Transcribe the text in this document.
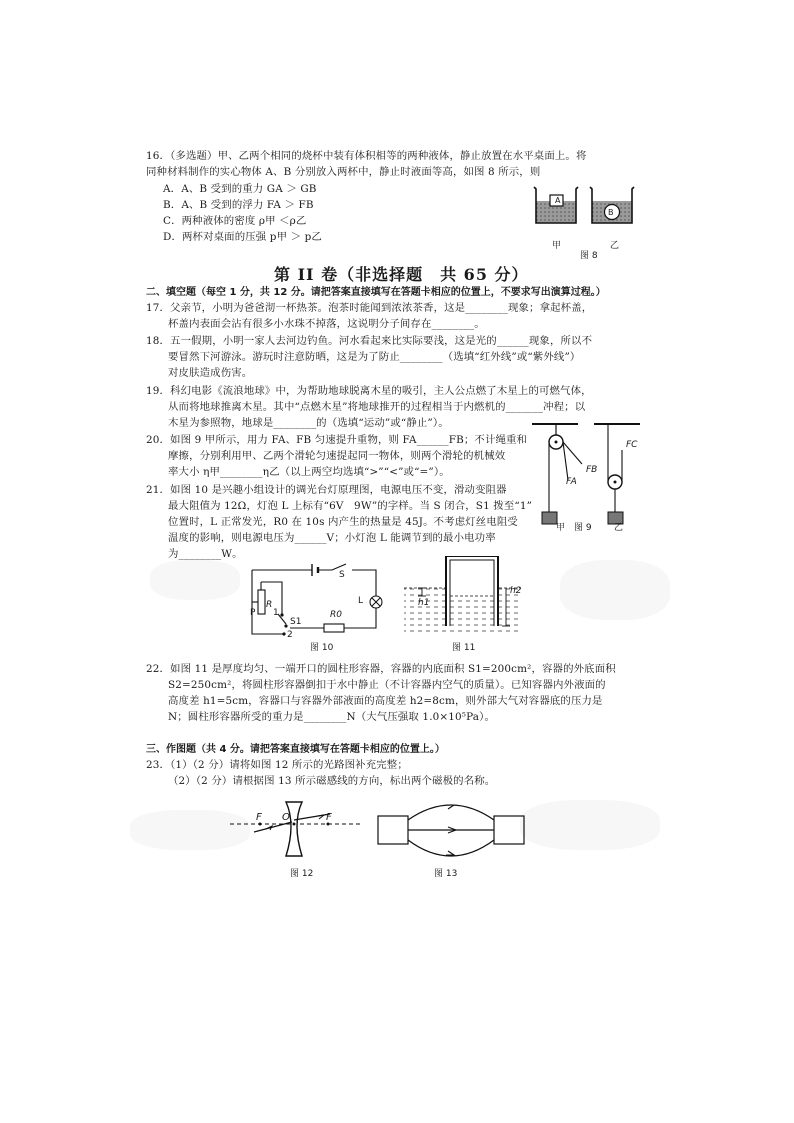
16．（多选题）甲、乙两个相同的烧杯中装有体积相等的两种液体，静止放置在水平桌面上。将
同种材料制作的实心物体 A、B 分别放入两杯中，静止时液面等高，如图 8 所示，则
A．A、B 受到的重力 GA ＞ GB
B．A、B 受到的浮力 FA ＞ FB
C．两种液体的密度 ρ甲 ＜ρ乙
D．两杯对桌面的压强 p甲 ＞ p乙
A
B
甲	乙
图 8
第 II 卷（非选择题　共 65 分）
二、填空题（每空 1 分，共 12 分。请把答案直接填写在答题卡相应的位置上，不要求写出演算过程。）
17．父亲节，小明为爸爸沏一杯热茶。泡茶时能闻到浓浓茶香，这是________现象；拿起杯盖，
杯盖内表面会沾有很多小水珠不掉落，这说明分子间存在________。
18．五一假期，小明一家人去河边钓鱼。河水看起来比实际要浅，这是光的______现象，所以不
要冒然下河游泳。游玩时注意防晒，这是为了防止________（选填“红外线”或“紫外线”）
对皮肤造成伤害。
19．科幻电影《流浪地球》中，为帮助地球脱离木星的吸引，主人公点燃了木星上的可燃气体，
从而将地球推离木星。其中“点燃木星”将地球推开的过程相当于内燃机的_______冲程；以
木星为参照物，地球是________的（选填“运动”或“静止”）。
20．如图 9 甲所示，用力 FA、FB 匀速提升重物，则 FA______FB；不计绳重和
摩擦，分别利用甲、乙两个滑轮匀速提起同一物体，则两个滑轮的机械效
率大小 η甲________η乙（以上两空均选填“>”“<”或“=”）。
FA
FB
FC
甲 图 9 乙
21．如图 10 是兴趣小组设计的调光台灯原理图，电源电压不变，滑动变阻器
最大阻值为 12Ω，灯泡 L 上标有“6V　9W”的字样。当 S 闭合，S1 拨至“1”
位置时，L 正常发光，R0 在 10s 内产生的热量是 45J。不考虑灯丝电阻受
温度的影响，则电源电压为______V；小灯泡 L 能调节到的最小电功率
为________W。
S
R
P 1
S1
R0
L
2
图 10
h1
h2
图 11
22．如图 11 是厚度均匀、一端开口的圆柱形容器，容器的内底面积 S1=200cm²，容器的外底面积
S2=250cm²，将圆柱形容器倒扣于水中静止（不计容器内空气的质量）。已知容器内外液面的
高度差 h1=5cm，容器口与容器外部液面的高度差 h2=8cm，则外部大气对容器底的压力是
N；圆柱形容器所受的重力是________N（大气压强取 1.0×10⁵Pa）。
三、作图题（共 4 分。请把答案直接填写在答题卡相应的位置上。）
23．（1）（2 分）请将如图 12 所示的光路图补充完整；
（2）（2 分）请根据图 13 所示磁感线的方向，标出两个磁极的名称。
F O	F
图 12	图 13
